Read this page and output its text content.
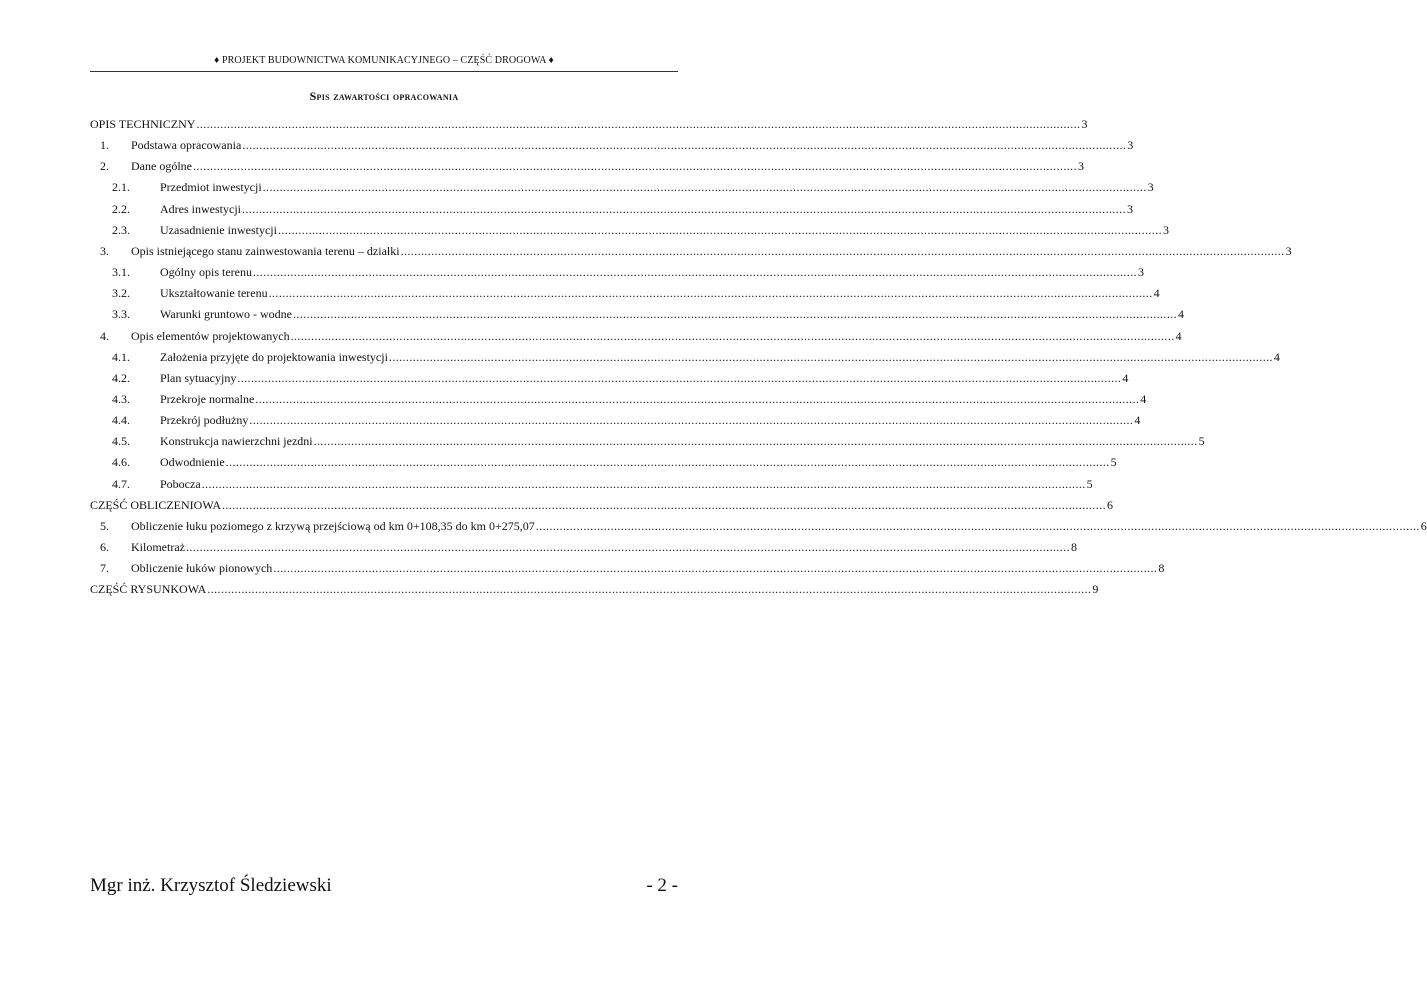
♦ PROJEKT BUDOWNICTWA KOMUNIKACYJNEGO – CZĘŚĆ DROGOWA ♦
Spis zawartości opracowania
OPIS TECHNICZNY .....	3
1.	Podstawa opracowania .....	3
2.	Dane ogólne .....	3
2.1.	Przedmiot inwestycji .....	3
2.2.	Adres inwestycji .....	3
2.3.	Uzasadnienie inwestycji .....	3
3.	Opis istniejącego stanu zainwestowania terenu – działki .....	3
3.1.	Ogólny opis terenu .....	3
3.2.	Ukształtowanie terenu .....	4
3.3.	Warunki gruntowo - wodne .....	4
4.	Opis elementów projektowanych .....	4
4.1.	Założenia przyjęte do projektowania inwestycji .....	4
4.2.	Plan sytuacyjny .....	4
4.3.	Przekroje normalne .....	4
4.4.	Przekrój podłużny .....	4
4.5.	Konstrukcja nawierzchni jezdni .....	5
4.6.	Odwodnienie .....	5
4.7.	Pobocza .....	5
CZĘŚĆ OBLICZENIOWA .....	6
5.	Obliczenie łuku poziomego z krzywą przejściową od km 0+108,35 do km 0+275,07 .....	6
6.	Kilometraż .....	8
7.	Obliczenie łuków pionowych .....	8
CZĘŚĆ RYSUNKOWA .....	9
Mgr inż. Krzysztof Śledziewski	- 2 -
